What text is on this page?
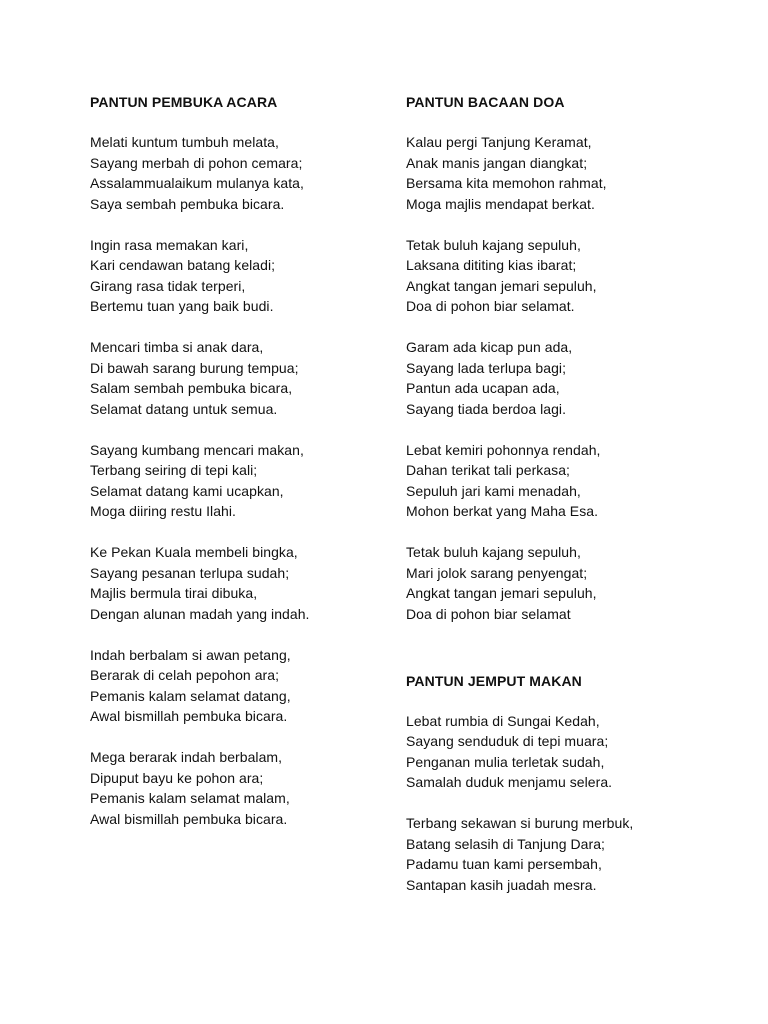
PANTUN PEMBUKA ACARA
Melati kuntum tumbuh melata,
Sayang merbah di pohon cemara;
Assalammualaikum mulanya kata,
Saya sembah pembuka bicara.
Ingin rasa memakan kari,
Kari cendawan batang keladi;
Girang rasa tidak terperi,
Bertemu tuan yang baik budi.
Mencari timba si anak dara,
Di bawah sarang burung tempua;
Salam sembah pembuka bicara,
Selamat datang untuk semua.
Sayang kumbang mencari makan,
Terbang seiring di tepi kali;
Selamat datang kami ucapkan,
Moga diiring restu Ilahi.
Ke Pekan Kuala membeli bingka,
Sayang pesanan terlupa sudah;
Majlis bermula tirai dibuka,
Dengan alunan madah yang indah.
Indah berbalam si awan petang,
Berarak di celah pepohon ara;
Pemanis kalam selamat datang,
Awal bismillah pembuka bicara.
Mega berarak indah berbalam,
Dipuput bayu ke pohon ara;
Pemanis kalam selamat malam,
Awal bismillah pembuka bicara.
PANTUN BACAAN DOA
Kalau pergi Tanjung Keramat,
Anak manis jangan diangkat;
Bersama kita memohon rahmat,
Moga majlis mendapat berkat.
Tetak buluh kajang sepuluh,
Laksana dititing kias ibarat;
Angkat tangan jemari sepuluh,
Doa di pohon biar selamat.
Garam ada kicap pun ada,
Sayang lada terlupa bagi;
Pantun ada ucapan ada,
Sayang tiada berdoa lagi.
Lebat kemiri pohonnya rendah,
Dahan terikat tali perkasa;
Sepuluh jari kami menadah,
Mohon berkat yang Maha Esa.
Tetak buluh kajang sepuluh,
Mari jolok sarang penyengat;
Angkat tangan jemari sepuluh,
Doa di pohon biar selamat
PANTUN JEMPUT MAKAN
Lebat rumbia di Sungai Kedah,
Sayang senduduk di tepi muara;
Penganan mulia terletak sudah,
Samalah duduk menjamu selera.
Terbang sekawan si burung merbuk,
Batang selasih di Tanjung Dara;
Padamu tuan kami persembah,
Santapan kasih juadah mesra.
